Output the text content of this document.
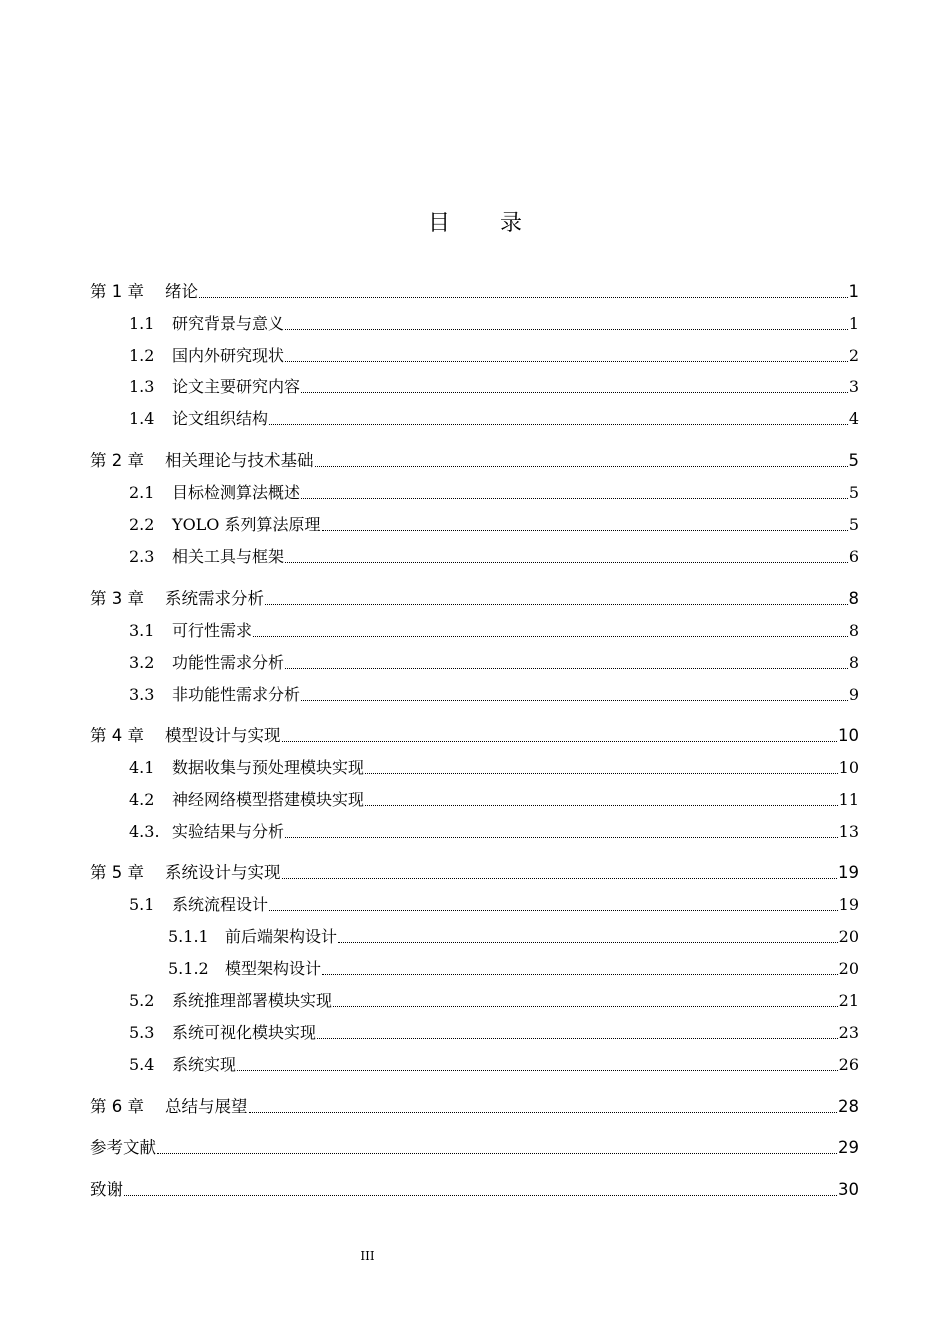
目 录
第 1 章	绪论	1
1.1	研究背景与意义	1
1.2	国内外研究现状	2
1.3	论文主要研究内容	3
1.4	论文组织结构	4
第 2 章	相关理论与技术基础	5
2.1	目标检测算法概述	5
2.2	YOLO 系列算法原理	5
2.3	相关工具与框架	6
第 3 章	系统需求分析	8
3.1	可行性需求	8
3.2	功能性需求分析	8
3.3	非功能性需求分析	9
第 4 章	模型设计与实现	10
4.1	数据收集与预处理模块实现	10
4.2	神经网络模型搭建模块实现	11
4.3. 实验结果与分析	13
第 5 章	系统设计与实现	19
5.1	系统流程设计	19
5.1.1	前后端架构设计	20
5.1.2	模型架构设计	20
5.2	系统推理部署模块实现	21
5.3	系统可视化模块实现	23
5.4	系统实现	26
第 6 章	总结与展望	28
参考文献	29
致谢	30
III
